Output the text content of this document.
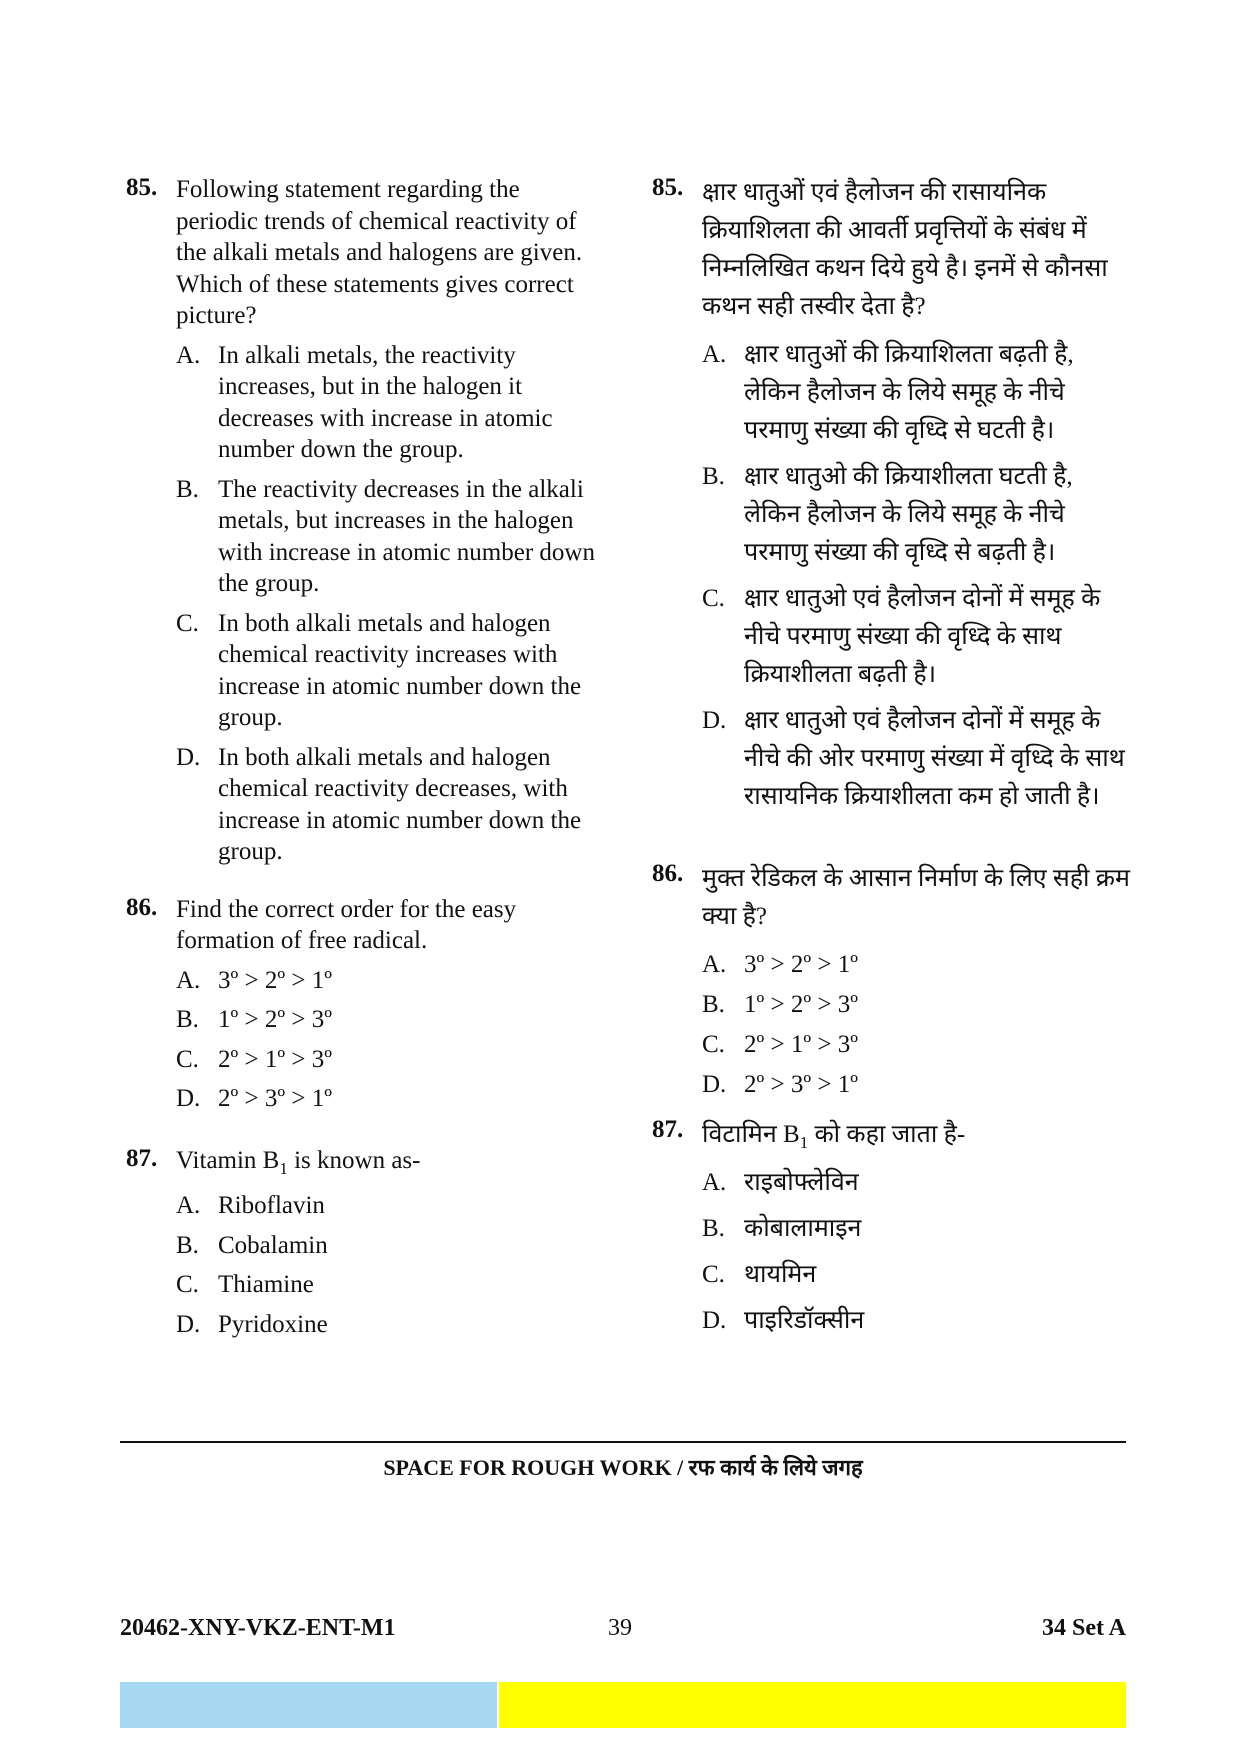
85. Following statement regarding the periodic trends of chemical reactivity of the alkali metals and halogens are given. Which of these statements gives correct picture?
A. In alkali metals, the reactivity increases, but in the halogen it decreases with increase in atomic number down the group.
B. The reactivity decreases in the alkali metals, but increases in the halogen with increase in atomic number down the group.
C. In both alkali metals and halogen chemical reactivity increases with increase in atomic number down the group.
D. In both alkali metals and halogen chemical reactivity decreases, with increase in atomic number down the group.
86. Find the correct order for the easy formation of free radical.
A. 3º > 2º > 1º
B. 1º > 2º > 3º
C. 2º > 1º > 3º
D. 2º > 3º > 1º
87. Vitamin $B_1$ is known as-
A. Riboflavin
B. Cobalamin
C. Thiamine
D. Pyridoxine
85. क्षार धातुओं एवं हैलोजन की रासायनिक क्रियाशिलता की आवर्ती प्रवृत्तियों के संबंध में निम्नलिखित कथन दिये हुये है। इनमें से कौनसा कथन सही तस्वीर देता है?
A. क्षार धातुओं की क्रियाशिलता बढ़ती है, लेकिन हैलोजन के लिये समूह के नीचे परमाणु संख्या की वृध्दि से घटती है।
B. क्षार धातुओ की क्रियाशीलता घटती है, लेकिन हैलोजन के लिये समूह के नीचे परमाणु संख्या की वृध्दि से बढ़ती है।
C. क्षार धातुओ एवं हैलोजन दोनों में समूह के नीचे परमाणु संख्या की वृध्दि के साथ क्रियाशीलता बढ़ती है।
D. क्षार धातुओ एवं हैलोजन दोनों में समूह के नीचे की ओर परमाणु संख्या में वृध्दि के साथ रासायनिक क्रियाशीलता कम हो जाती है।
86. मुक्त रेडिकल के आसान निर्माण के लिए सही क्रम क्या है?
A. 3º > 2º > 1º
B. 1º > 2º > 3º
C. 2º > 1º > 3º
D. 2º > 3º > 1º
87. विटामिन $B_1$ को कहा जाता है-
A. राइबोफ्लेविन
B. कोबालामाइन
C. थायमिन
D. पाइरिडॉक्सीन
SPACE FOR ROUGH WORK / रफ कार्य के लिये जगह
20462-XNY-VKZ-ENT-M1	39	34 Set A
